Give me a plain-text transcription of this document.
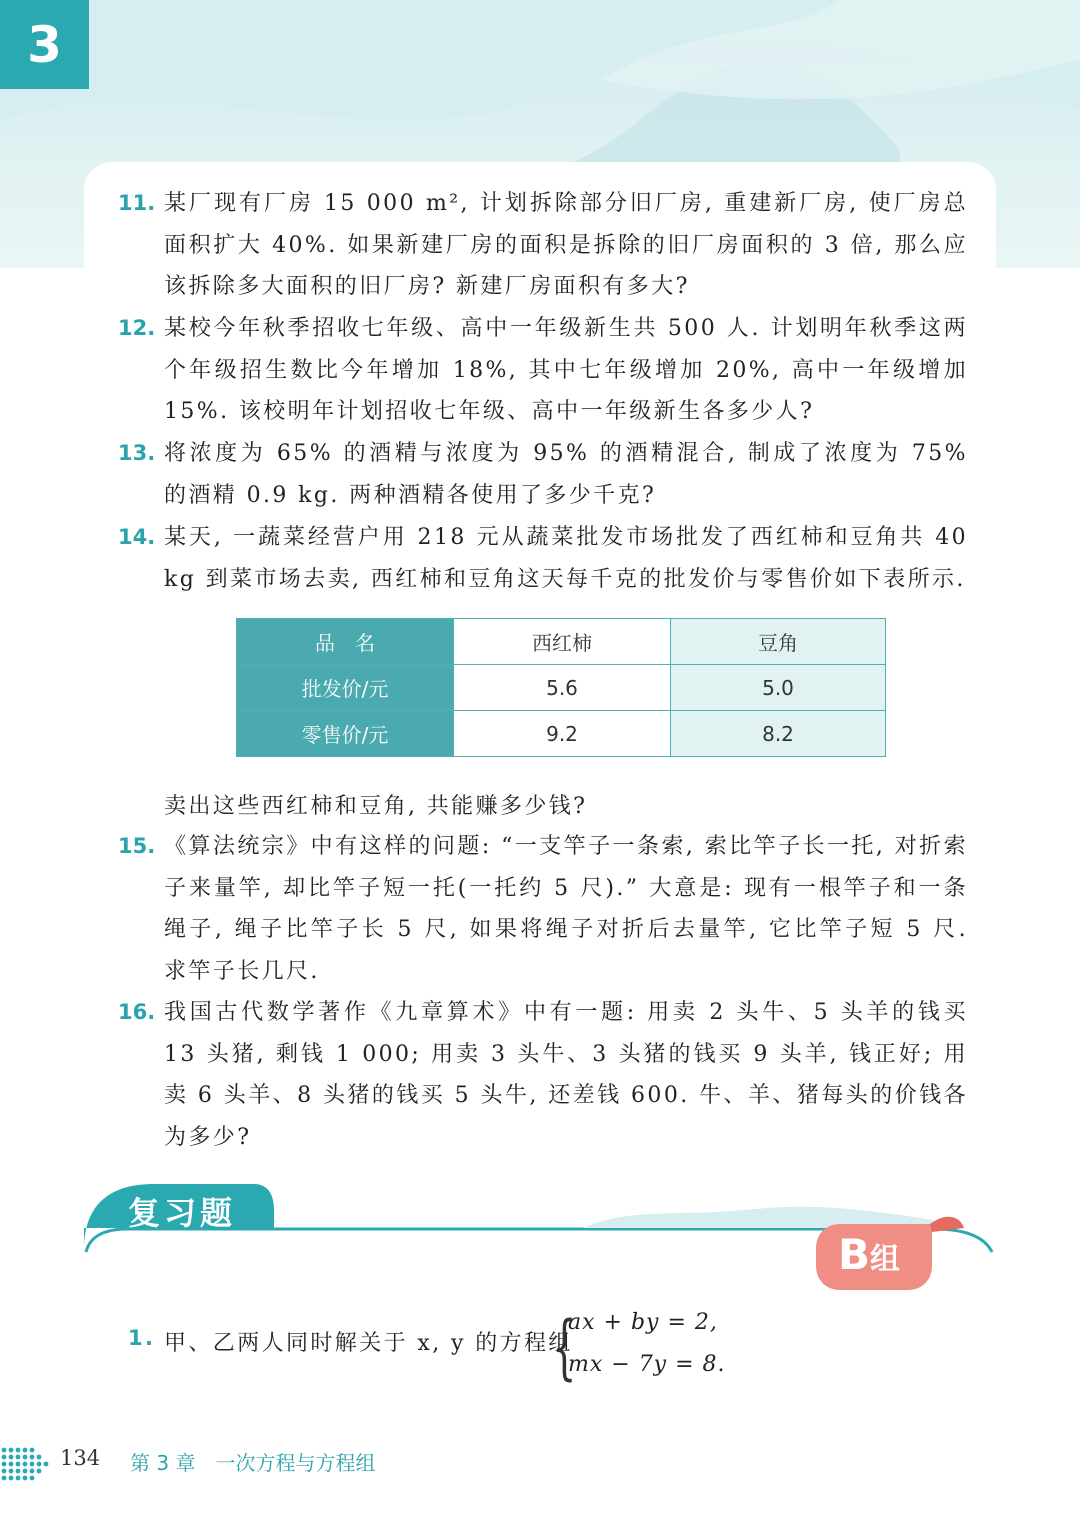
3
11. 某厂现有厂房 15 000 m², 计划拆除部分旧厂房, 重建新厂房, 使厂房总面积扩大 40%. 如果新建厂房的面积是拆除的旧厂房面积的 3 倍, 那么应该拆除多大面积的旧厂房? 新建厂房面积有多大?
12. 某校今年秋季招收七年级、高中一年级新生共 500 人. 计划明年秋季这两个年级招生数比今年增加 18%, 其中七年级增加 20%, 高中一年级增加 15%. 该校明年计划招收七年级、高中一年级新生各多少人?
13. 将浓度为 65% 的酒精与浓度为 95% 的酒精混合, 制成了浓度为 75% 的酒精 0.9 kg. 两种酒精各使用了多少千克?
14. 某天, 一蔬菜经营户用 218 元从蔬菜批发市场批发了西红柿和豆角共 40 kg 到菜市场去卖, 西红柿和豆角这天每千克的批发价与零售价如下表所示.
品　名	西红柿	豆角
批发价/元	5.6	5.0
零售价/元	9.2	8.2
卖出这些西红柿和豆角, 共能赚多少钱?
15. 《算法统宗》中有这样的问题: “一支竿子一条索, 索比竿子长一托, 对折索子来量竿, 却比竿子短一托(一托约 5 尺).” 大意是: 现有一根竿子和一条绳子, 绳子比竿子长 5 尺, 如果将绳子对折后去量竿, 它比竿子短 5 尺. 求竿子长几尺.
16. 我国古代数学著作《九章算术》中有一题: 用卖 2 头牛、5 头羊的钱买 13 头猪, 剩钱 1 000; 用卖 3 头牛、3 头猪的钱买 9 头羊, 钱正好; 用卖 6 头羊、8 头猪的钱买 5 头牛, 还差钱 600. 牛、羊、猪每头的价钱各为多少?
复习题
B组
1. 甲、乙两人同时解关于 x, y 的方程组
{
ax + by = 2,
mx − 7y = 8.
134 第 3 章　一次方程与方程组
